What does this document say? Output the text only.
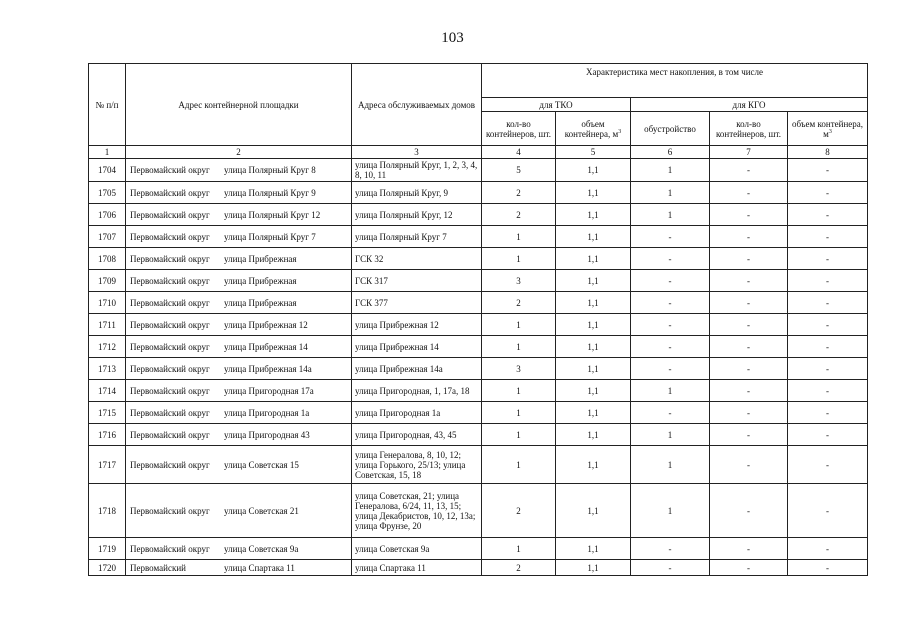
103
№ п/п	Адрес контейнерной площадки	Адреса обслуживаемых домов	Характеристика мест накопления, в том числе				
			для ТКО		для КГО		
			кол-во контейнеров, шт.	объем контейнера, $м^3$	обустройство	кол-во контейнеров, шт.	объем контейнера, $м^3$
1	2	3	4	5	6	7	8
1704	Первомайский округ улица Полярный Круг 8	улица Полярный Круг, 1, 2, 3, 4, 8, 10, 11	5	1,1	1	-	-
1705	Первомайский округ улица Полярный Круг 9	улица Полярный Круг, 9	2	1,1	1	-	-
1706	Первомайский округ улица Полярный Круг 12	улица Полярный Круг, 12	2	1,1	1	-	-
1707	Первомайский округ улица Полярный Круг 7	улица Полярный Круг 7	1	1,1	-	-	-
1708	Первомайский округ улица Прибрежная	ГСК 32	1	1,1	-	-	-
1709	Первомайский округ улица Прибрежная	ГСК 317	3	1,1	-	-	-
1710	Первомайский округ улица Прибрежная	ГСК 377	2	1,1	-	-	-
1711	Первомайский округ улица Прибрежная 12	улица Прибрежная 12	1	1,1	-	-	-
1712	Первомайский округ улица Прибрежная 14	улица Прибрежная 14	1	1,1	-	-	-
1713	Первомайский округ улица Прибрежная 14а	улица Прибрежная 14а	3	1,1	-	-	-
1714	Первомайский округ улица Пригородная 17а	улица Пригородная, 1, 17а, 18	1	1,1	1	-	-
1715	Первомайский округ улица Пригородная 1а	улица Пригородная 1а	1	1,1	-	-	-
1716	Первомайский округ улица Пригородная 43	улица Пригородная, 43, 45	1	1,1	1	-	-
1717	Первомайский округ улица Советская 15	улица Генералова, 8, 10, 12; улица Горького, 25/13; улица Советская, 15, 18	1	1,1	1	-	-
1718	Первомайский округ улица Советская 21	улица Советская, 21; улица Генералова, 6/24, 11, 13, 15; улица Декабристов, 10, 12, 13а; улица Фрунзе, 20	2	1,1	1	-	-
1719	Первомайский округ улица Советская 9а	улица Советская 9а	1	1,1	-	-	-
1720	Первомайский улица Спартака 11	улица Спартака 11	2	1,1	-	-	-
